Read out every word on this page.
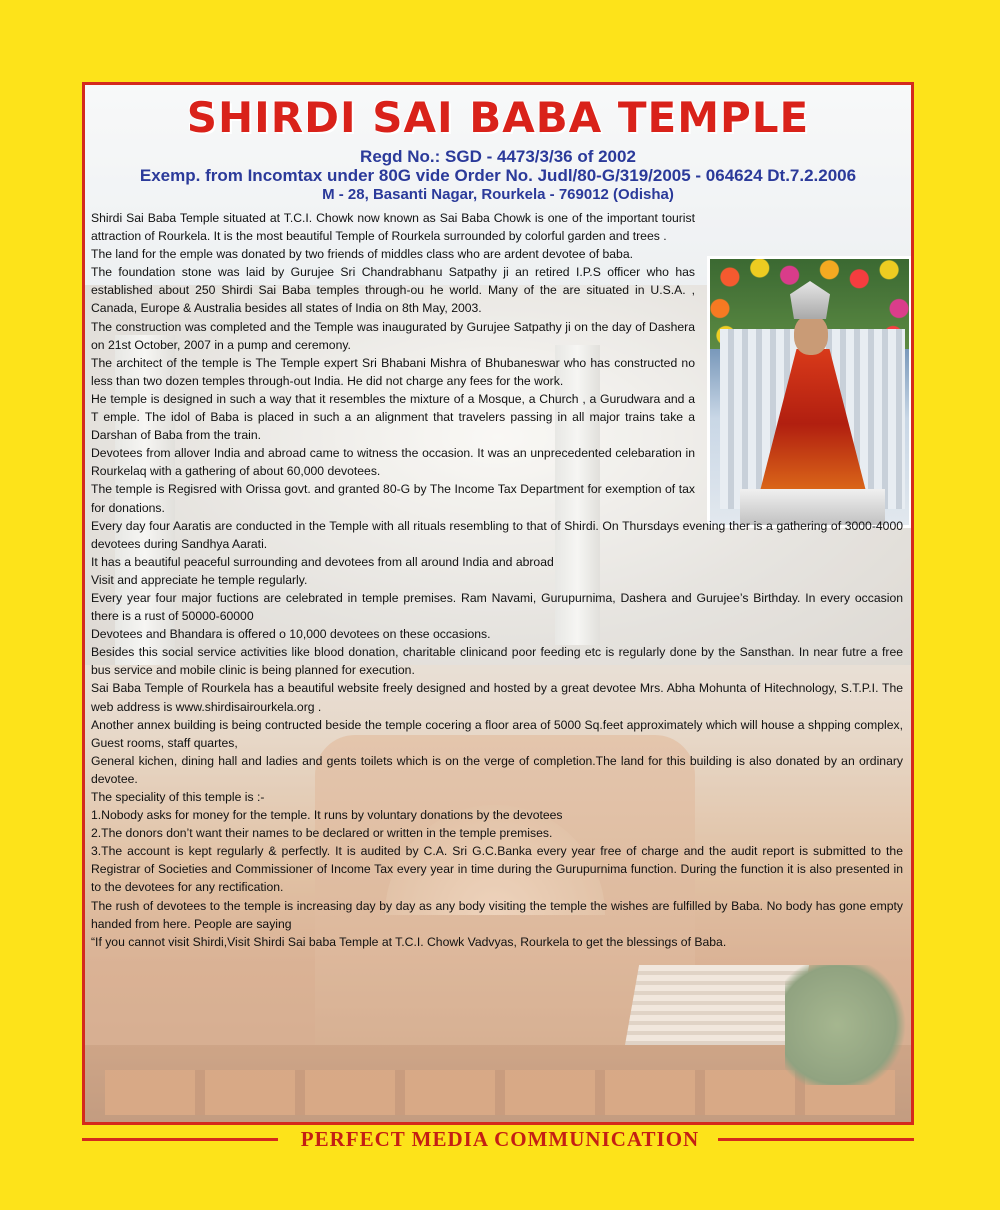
SHIRDI SAI BABA TEMPLE
Regd No.: SGD - 4473/3/36 of 2002
Exemp. from Incomtax under 80G vide Order No. Judl/80-G/319/2005 - 064624 Dt.7.2.2006
M - 28, Basanti Nagar, Rourkela - 769012 (Odisha)

Shirdi Sai Baba Temple situated at T.C.I. Chowk now known as Sai Baba Chowk is one of the important tourist attraction of Rourkela. It is the most beautiful Temple of Rourkela surrounded by colorful garden and trees .

The land for the emple was donated by two friends of middles class who are ardent devotee of baba.

The foundation stone was laid by Gurujee Sri Chandrabhanu Satpathy ji an retired I.P.S officer who has established about 250 Shirdi Sai Baba temples through-ou he world. Many of the are situated in U.S.A. , Canada, Europe & Australia besides all states of India on 8th May, 2003.

The construction was completed and the Temple was inaugurated by Gurujee Satpathy ji on the day of Dashera on 21st October, 2007 in a pump and ceremony.

The architect of the temple is The Temple expert Sri Bhabani Mishra of Bhubaneswar who has constructed no less than two dozen temples through-out India. He did not charge any fees for the work.

He temple is designed in such a way that it resembles the mixture of a Mosque, a Church , a Gurudwara and a T emple. The idol of Baba is placed in such a an alignment that travelers passing in all major trains take a Darshan of Baba from the train.

Devotees from allover India and abroad came to witness the occasion. It was an unprecedented celebaration in Rourkelaq with a gathering of about 60,000 devotees.

The temple is Regisred with Orissa govt. and granted 80-G by The Income Tax Department for exemption of tax for donations.

Every day four Aaratis are conducted in the Temple with all rituals resembling to that of Shirdi. On Thursdays evening ther is a gathering of 3000-4000 devotees during Sandhya Aarati.

It has a beautiful peaceful surrounding and devotees from all around India and abroad

Visit and appreciate he temple regularly.

Every year four major fuctions are celebrated in temple premises. Ram Navami, Gurupurnima, Dashera and Gurujee’s Birthday. In every occasion there is a rust of 50000-60000

Devotees and Bhandara is offered o 10,000 devotees on these occasions.

Besides this social service activities like blood donation, charitable clinicand poor feeding etc is regularly done by the Sansthan. In near futre a free bus service and mobile clinic is being planned for execution.

Sai Baba Temple of Rourkela has a beautiful website freely designed and hosted by a great devotee Mrs. Abha Mohunta of Hitechnology, S.T.P.I. The web address is www.shirdisairourkela.org .

Another annex building is being contructed beside the temple cocering a floor area of 5000 Sq.feet approximately which will house a shpping complex, Guest rooms, staff quartes,

General kichen, dining hall and ladies and gents toilets which is on the verge of completion.The land for this building is also donated by an ordinary devotee.

The speciality of this temple is :-

1.Nobody asks for money for the temple. It runs by voluntary donations by the devotees

2.The donors don’t want their names to be declared or written in the temple premises.

3.The account is kept regularly & perfectly. It is audited by C.A. Sri G.C.Banka every year free of charge and the audit report is submitted to the Registrar of Societies and Commissioner of Income Tax every year in time during the Gurupurnima function. During the function it is also presented in to the devotees for any rectification.

The rush of devotees to the temple is increasing day by day as any body visiting the temple the wishes are fulfilled by Baba. No body has gone empty handed from here. People are saying

“If you cannot visit Shirdi,Visit Shirdi Sai baba Temple at T.C.I. Chowk Vadvyas, Rourkela to get the blessings of Baba.

PERFECT MEDIA COMMUNICATION
